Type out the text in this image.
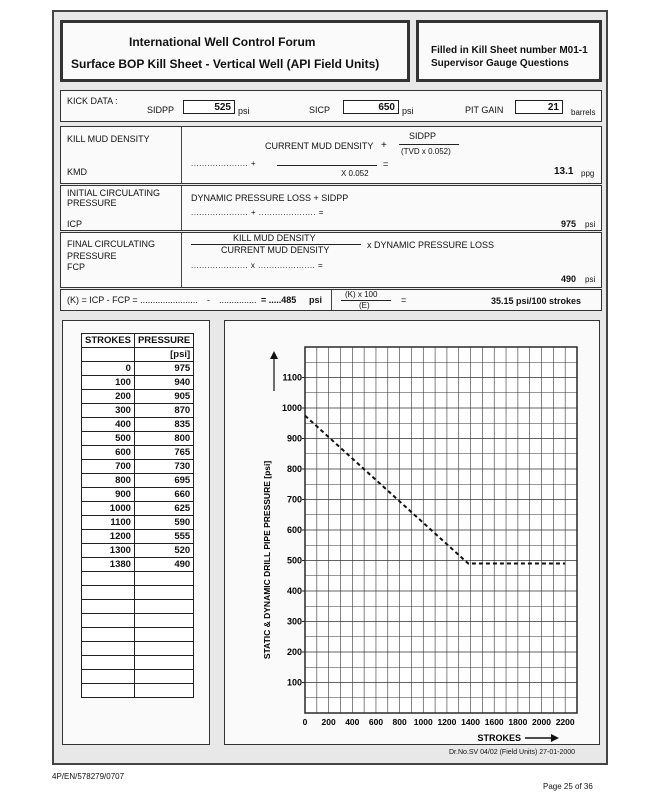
International Well Control Forum
Surface BOP Kill Sheet - Vertical Well (API Field Units)
Filled in Kill Sheet number M01-1
Supervisor Gauge Questions
KICK DATA :
SIDPP	525 psi	SICP	650 psi	PIT GAIN	21	barrels
KILL MUD DENSITY
KMD
CURRENT MUD DENSITY +
SIDPP
(TVD x 0.052)
..................... +
X 0.052
=
13.1 ppg
INITIAL CIRCULATING
PRESSURE
ICP
DYNAMIC PRESSURE LOSS + SIDPP
..................... + ..................... =
975 psi
FINAL CIRCULATING
PRESSURE
FCP
KILL MUD DENSITY
CURRENT MUD DENSITY	x DYNAMIC PRESSURE LOSS
..................... x ..................... =
490 psi
(K) = ICP - FCP = ....................... - ............... = .....485 psi
(K) x 100
(E)
=	35.15 psi/100 strokes
STROKES	PRESSURE
	[psi]
0	975
100	940
200	905
300	870
400	835
500	800
600	765
700	730
800	695
900	660
1000	625
1100	590
1200	555
1300	520
1380	490

100
200
300
400
500
600
700
800
900
1000
1100
0 200 400 600 800 1000 1200 1400 1600 1800 2000 2200
STROKES
STATIC & DYNAMIC DRILL PIPE PRESSURE [psi]
Dr.No.SV 04/02 (Field Units) 27-01-2000
4P/EN/578279/0707
Page 25 of 36
